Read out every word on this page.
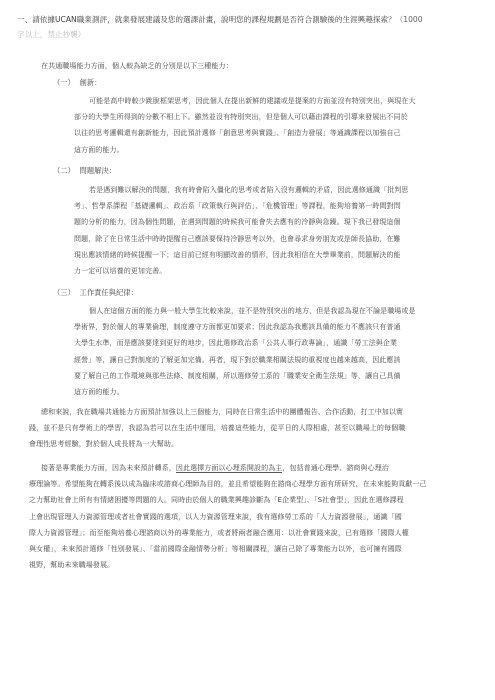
一、請依據UCAN職業測評，就業發展建議及您的選課計畫，說明您的課程規劃是否符合測驗後的生涯興趣探索？（1000
字以上，禁止抄襲）
在共通職場能力方面，個人較為缺乏的分別是以下三種能力：
（一） 創新：
可能是高中時較少跳脫框架思考，因此個人在提出新鮮的建議或是提案的方面並沒有特別突出，與現在大
部分的大學生所得到的分數不相上下。雖然並沒有特別突出，但是個人可以藉由課程的引導來發展出不同於
以往的思考邏輯還有創新能力，因此預計選修「創意思考與實踐」、「創造力發展」等通識課程以加強自己
這方面的能力。
（二） 問題解決：
若是遇到難以解決的問題，我有時會陷入僵化的思考或者陷入沒有邏輯的矛盾，因此選修通識「批判思
考」、哲學系課程「基礎邏輯」、政治系「政策執行與評估」、「危機管理」等課程，能夠培養第一時間對問
題的分析的能力，因為個性問題，在遇到問題的時候我可能會失去應有的冷靜與急躁。現下我已發現這個
問題，除了在日常生活中時時提醒自己應該要保持冷靜思考以外，也會尋求身旁朋友或是師長協助，在難
現出應該情緒的時候提醒一下；這目前已經有明顯改善的情形，因此我相信在大學畢業前，問題解決的能
力一定可以培養的更加完善。
（三） 工作責任與紀律：
個人在這個方面的能力與一般大學生比較來說，並不是特別突出的地方，但是我認為現在不論是職場或是
學術界，對於個人的專業倫理，制度遵守方面都更加要求；因此我認為我應該具備的能力不應該只有普通
大學生水準，而是應該要達到更好的地步，因此選修政治系「公共人事行政專論」，通識「勞工法與企業
經營」等，讓自己對制度的了解更加完備。再者，現下對於職業相關法規的重視度也越來越高，因此應該
要了解自己的工作環境與那些法條、制度相關，所以選修勞工系的「職業安全衛生法規」等，讓自己具備
這方面的能力。
總和來說，我在職場共通能力方面預計加強以上三個能力，同時在日常生活中的團體報告、合作活動，打工中加以實
踐，並不是只有學術上的學習，我認為若可以在生活中運用，培養這些能力，從平日的人際相處，甚至以職場上的每個職
會理性思考經驗，對於個人成長將為一大幫助。
接著是專業能力方面，因為未來預計轉系，因此選擇方面以心理系開設的為主，包括普通心理學、諮商與心理治
療理論等。希望能夠在轉系後以成為臨床或諮商心理師為目的，並且希望能夠在諮商心理學方面有所研究，在未來能夠貢獻一己
之力幫助社會上所有有情緒困擾等問題的人。同時由於個人的職業興趣診斷為「E企業型」、「S社會型」，因此在選修課程
上會出現管理人力資源管理或者社會實踐的選項，以人力資源管理來說，我有選修勞工系的「人力資源發展」，通識「國
際人力資源管理」；而至能夠培養心理諮商以外的專業能力，或者將兩者融合應用：以社會實踐來說，已有選修「國際人權
與女權」，未來預計選修「性別發展」、「當前國際金融情勢分析」等相關課程，讓自己除了專業能力以外，也可擁有國際
視野，幫助未來職場發展。
